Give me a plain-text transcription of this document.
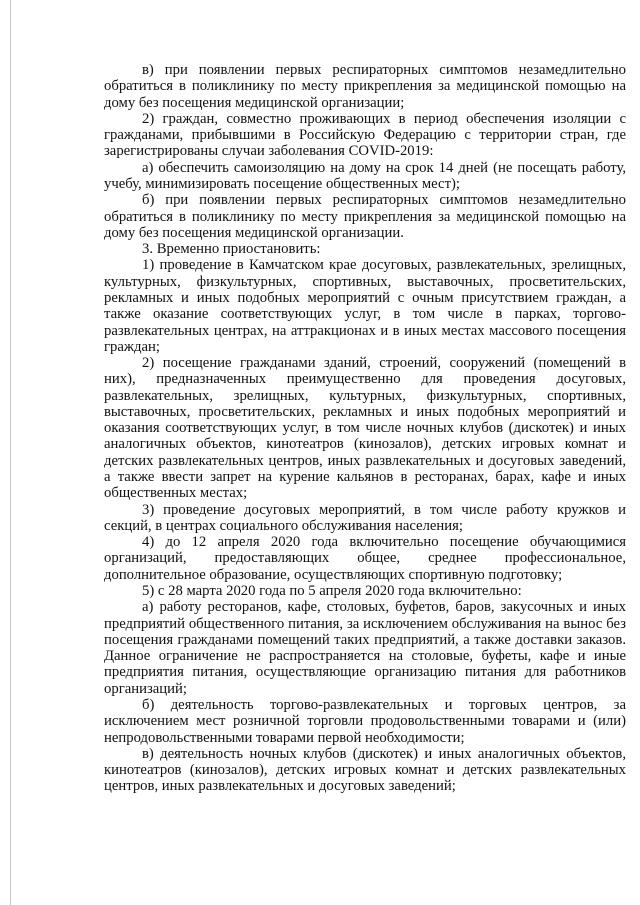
в) при появлении первых респираторных симптомов незамедлительно обратиться в поликлинику по месту прикрепления за медицинской помощью на дому без посещения медицинской организации;

2) граждан, совместно проживающих в период обеспечения изоляции с гражданами, прибывшими в Российскую Федерацию с территории стран, где зарегистрированы случаи заболевания COVID-2019:

а) обеспечить самоизоляцию на дому на срок 14 дней (не посещать работу, учебу, минимизировать посещение общественных мест);

б) при появлении первых респираторных симптомов незамедлительно обратиться в поликлинику по месту прикрепления за медицинской помощью на дому без посещения медицинской организации.

3. Временно приостановить:

1) проведение в Камчатском крае досуговых, развлекательных, зрелищных, культурных, физкультурных, спортивных, выставочных, просветительских, рекламных и иных подобных мероприятий с очным присутствием граждан, а также оказание соответствующих услуг, в том числе в парках, торгово-развлекательных центрах, на аттракционах и в иных местах массового посещения граждан;

2) посещение гражданами зданий, строений, сооружений (помещений в них), предназначенных преимущественно для проведения досуговых, развлекательных, зрелищных, культурных, физкультурных, спортивных, выставочных, просветительских, рекламных и иных подобных мероприятий и оказания соответствующих услуг, в том числе ночных клубов (дискотек) и иных аналогичных объектов, кинотеатров (кинозалов), детских игровых комнат и детских развлекательных центров, иных развлекательных и досуговых заведений, а также ввести запрет на курение кальянов в ресторанах, барах, кафе и иных общественных местах;

3) проведение досуговых мероприятий, в том числе работу кружков и секций, в центрах социального обслуживания населения;

4) до 12 апреля 2020 года включительно посещение обучающимися организаций, предоставляющих общее, среднее профессиональное, дополнительное образование, осуществляющих спортивную подготовку;

5) с 28 марта 2020 года по 5 апреля 2020 года включительно:

а) работу ресторанов, кафе, столовых, буфетов, баров, закусочных и иных предприятий общественного питания, за исключением обслуживания на вынос без посещения гражданами помещений таких предприятий, а также доставки заказов. Данное ограничение не распространяется на столовые, буфеты, кафе и иные предприятия питания, осуществляющие организацию питания для работников организаций;

б) деятельность торгово-развлекательных и торговых центров, за исключением мест розничной торговли продовольственными товарами и (или) непродовольственными товарами первой необходимости;

в) деятельность ночных клубов (дискотек) и иных аналогичных объектов, кинотеатров (кинозалов), детских игровых комнат и детских развлекательных центров, иных развлекательных и досуговых заведений;
